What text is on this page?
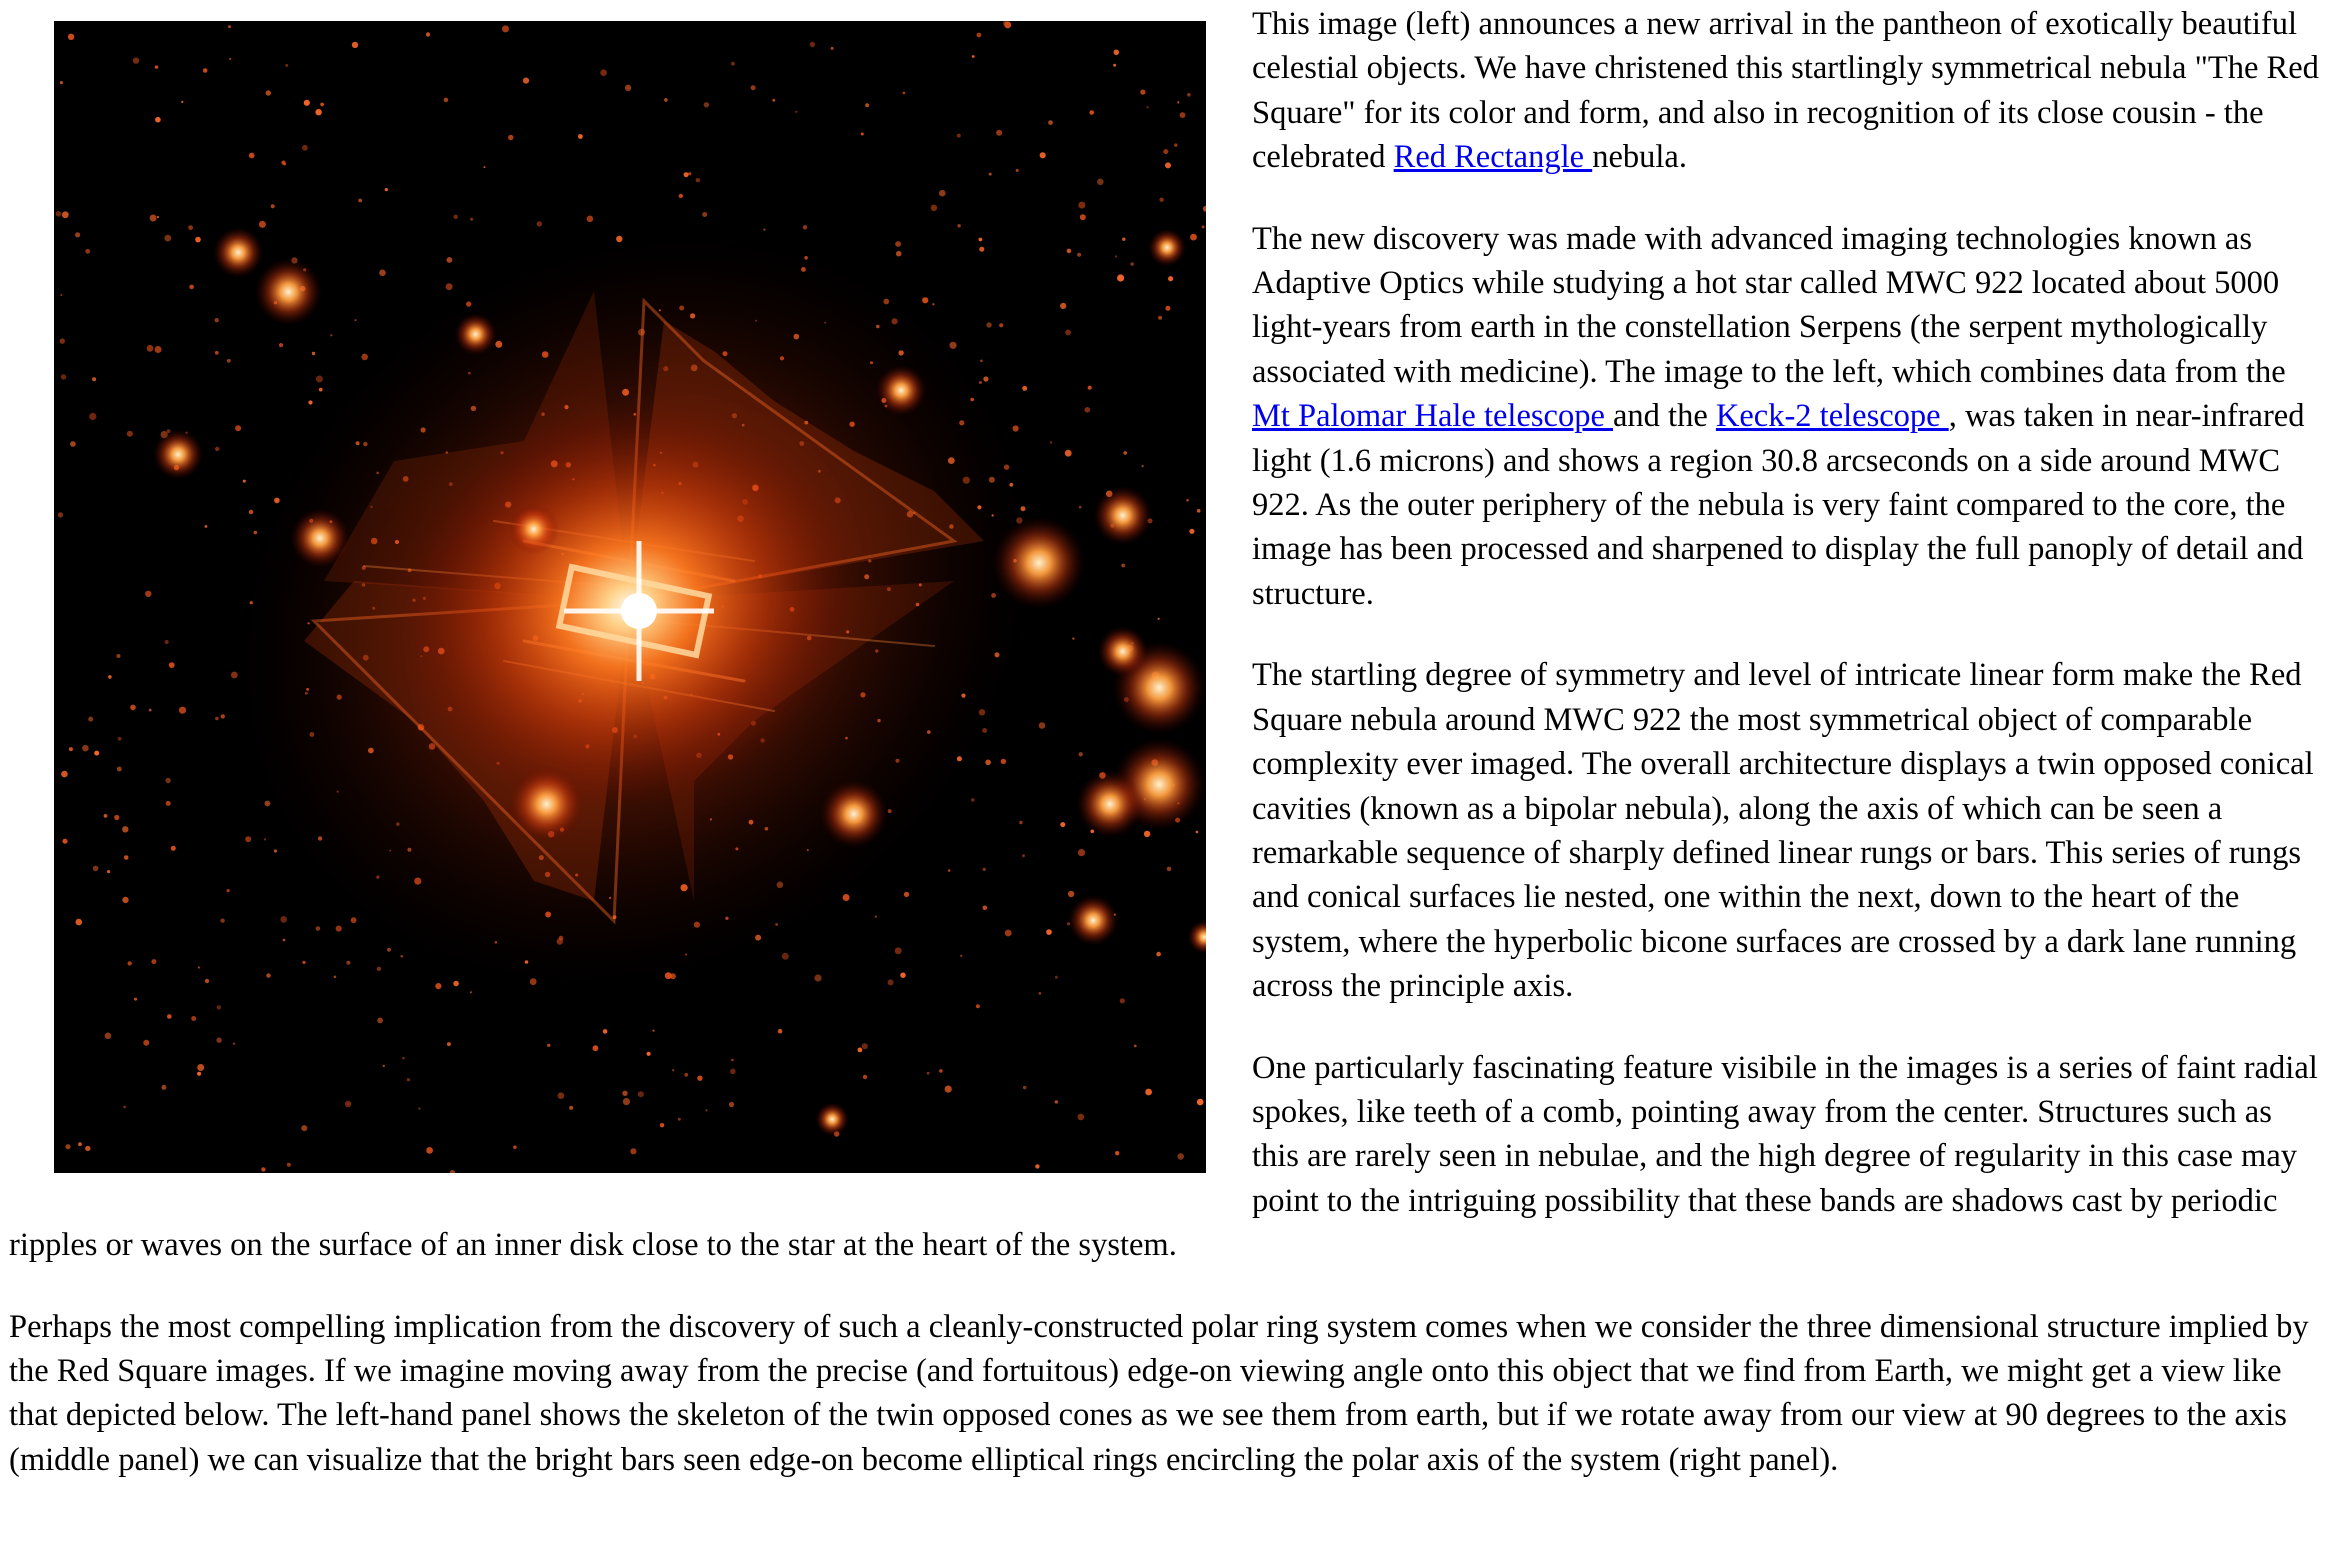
This image (left) announces a new arrival in the pantheon of exotically beautiful celestial objects. We have christened this startlingly symmetrical nebula "The Red Square" for its color and form, and also in recognition of its close cousin - the celebrated Red Rectangle nebula.

The new discovery was made with advanced imaging technologies known as Adaptive Optics while studying a hot star called MWC 922 located about 5000 light-years from earth in the constellation Serpens (the serpent mythologically associated with medicine). The image to the left, which combines data from the Mt Palomar Hale telescope and the Keck-2 telescope , was taken in near-infrared light (1.6 microns) and shows a region 30.8 arcseconds on a side around MWC 922. As the outer periphery of the nebula is very faint compared to the core, the image has been processed and sharpened to display the full panoply of detail and structure.

The startling degree of symmetry and level of intricate linear form make the Red Square nebula around MWC 922 the most symmetrical object of comparable complexity ever imaged. The overall architecture displays a twin opposed conical cavities (known as a bipolar nebula), along the axis of which can be seen a remarkable sequence of sharply defined linear rungs or bars. This series of rungs and conical surfaces lie nested, one within the next, down to the heart of the system, where the hyperbolic bicone surfaces are crossed by a dark lane running across the principle axis.

One particularly fascinating feature visibile in the images is a series of faint radial spokes, like teeth of a comb, pointing away from the center. Structures such as this are rarely seen in nebulae, and the high degree of regularity in this case may point to the intriguing possibility that these bands are shadows cast by periodic ripples or waves on the surface of an inner disk close to the star at the heart of the system.

Perhaps the most compelling implication from the discovery of such a cleanly-constructed polar ring system comes when we consider the three dimensional structure implied by the Red Square images. If we imagine moving away from the precise (and fortuitous) edge-on viewing angle onto this object that we find from Earth, we might get a view like that depicted below. The left-hand panel shows the skeleton of the twin opposed cones as we see them from earth, but if we rotate away from our view at 90 degrees to the axis (middle panel) we can visualize that the bright bars seen edge-on become elliptical rings encircling the polar axis of the system (right panel).
